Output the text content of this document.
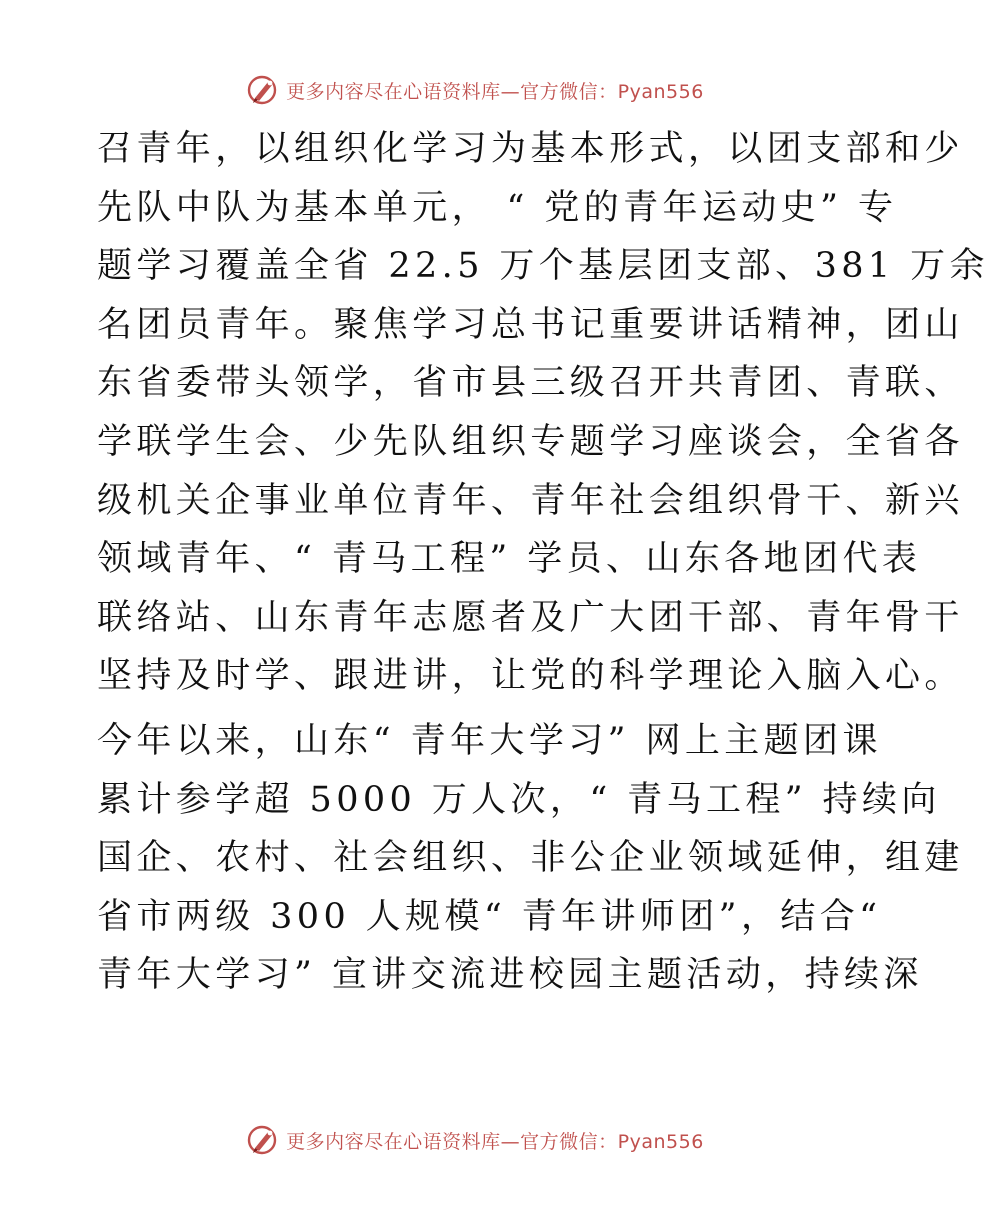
更多内容尽在心语资料库—官方微信：Pyan556
召青年，以组织化学习为基本形式，以团支部和少
先队中队为基本单元， “ 党的青年运动史” 专
题学习覆盖全省 22.5 万个基层团支部、381 万余
名团员青年。聚焦学习总书记重要讲话精神，团山
东省委带头领学，省市县三级召开共青团、青联、
学联学生会、少先队组织专题学习座谈会，全省各
级机关企事业单位青年、青年社会组织骨干、新兴
领域青年、“ 青马工程” 学员、山东各地团代表
联络站、山东青年志愿者及广大团干部、青年骨干
坚持及时学、跟进讲，让党的科学理论入脑入心。
今年以来，山东“ 青年大学习” 网上主题团课
累计参学超 5000 万人次，“ 青马工程” 持续向
国企、农村、社会组织、非公企业领域延伸，组建
省市两级 300 人规模“ 青年讲师团”，结合“
青年大学习” 宣讲交流进校园主题活动，持续深
更多内容尽在心语资料库—官方微信：Pyan556
